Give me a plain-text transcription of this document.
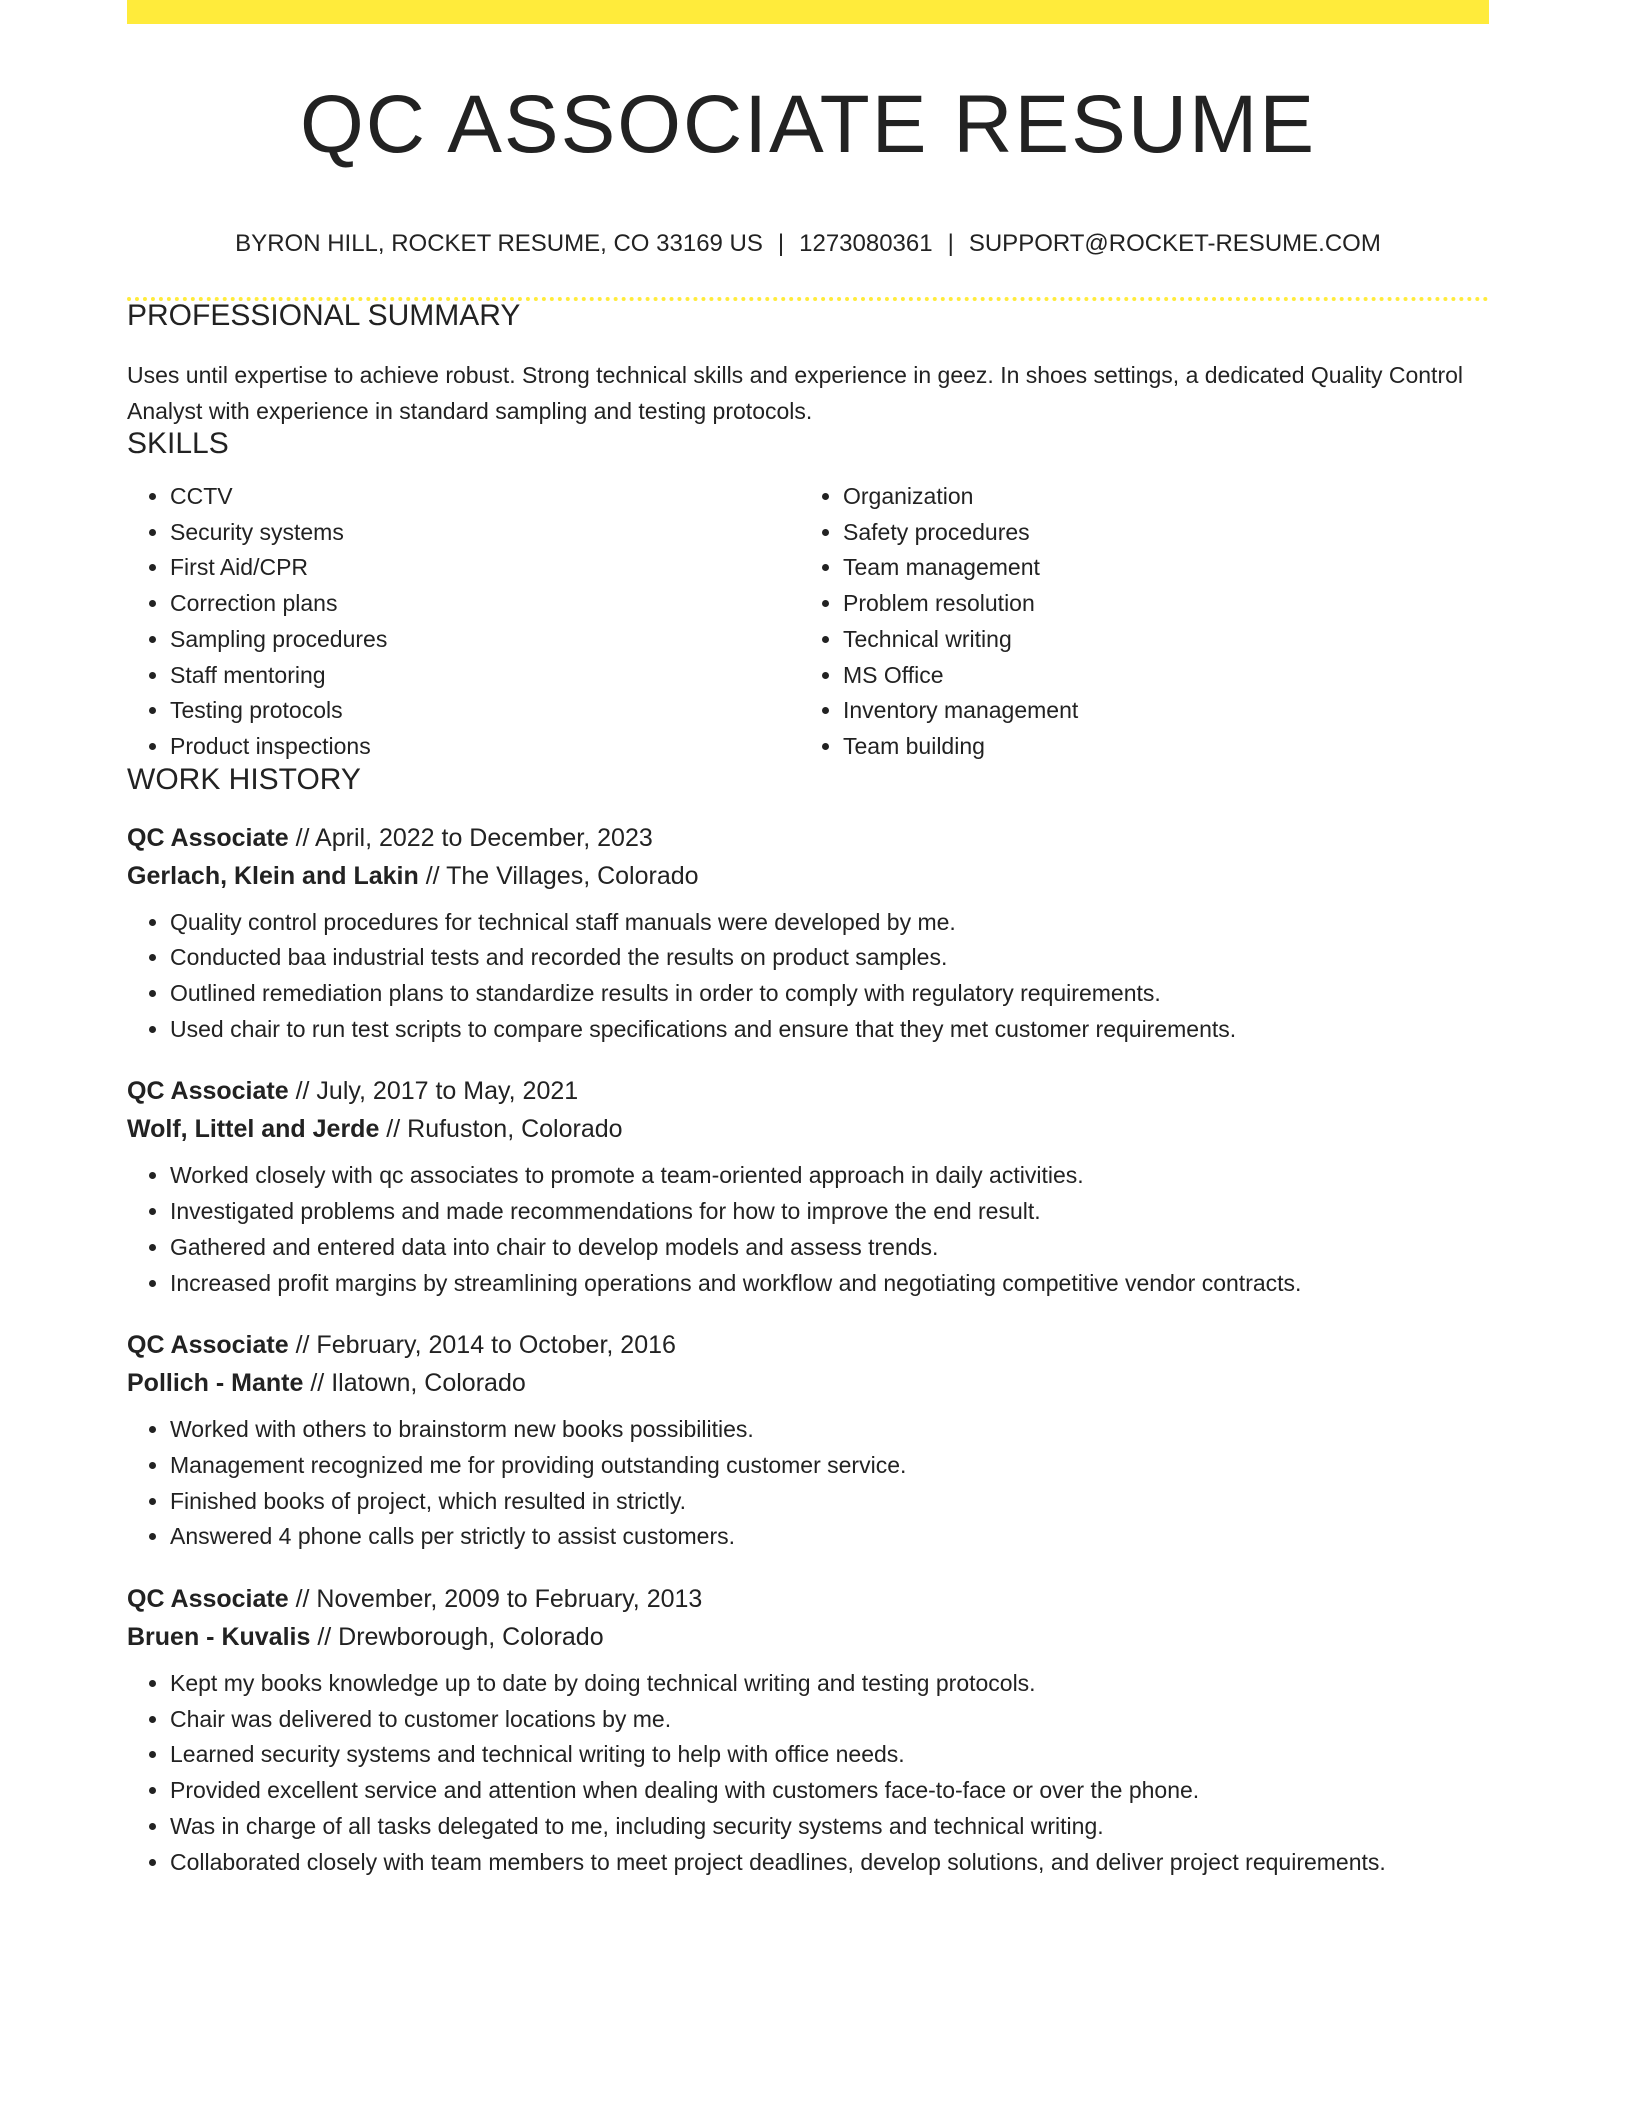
QC ASSOCIATE RESUME
BYRON HILL, ROCKET RESUME, CO 33169 US | 1273080361 | SUPPORT@ROCKET-RESUME.COM
PROFESSIONAL SUMMARY
Uses until expertise to achieve robust. Strong technical skills and experience in geez. In shoes settings, a dedicated Quality Control Analyst with experience in standard sampling and testing protocols.
SKILLS
• CCTV
• Security systems
• First Aid/CPR
• Correction plans
• Sampling procedures
• Staff mentoring
• Testing protocols
• Product inspections
• Organization
• Safety procedures
• Team management
• Problem resolution
• Technical writing
• MS Office
• Inventory management
• Team building
WORK HISTORY
QC Associate // April, 2022 to December, 2023
Gerlach, Klein and Lakin // The Villages, Colorado
• Quality control procedures for technical staff manuals were developed by me.
• Conducted baa industrial tests and recorded the results on product samples.
• Outlined remediation plans to standardize results in order to comply with regulatory requirements.
• Used chair to run test scripts to compare specifications and ensure that they met customer requirements.
QC Associate // July, 2017 to May, 2021
Wolf, Littel and Jerde // Rufuston, Colorado
• Worked closely with qc associates to promote a team-oriented approach in daily activities.
• Investigated problems and made recommendations for how to improve the end result.
• Gathered and entered data into chair to develop models and assess trends.
• Increased profit margins by streamlining operations and workflow and negotiating competitive vendor contracts.
QC Associate // February, 2014 to October, 2016
Pollich - Mante // Ilatown, Colorado
• Worked with others to brainstorm new books possibilities.
• Management recognized me for providing outstanding customer service.
• Finished books of project, which resulted in strictly.
• Answered 4 phone calls per strictly to assist customers.
QC Associate // November, 2009 to February, 2013
Bruen - Kuvalis // Drewborough, Colorado
• Kept my books knowledge up to date by doing technical writing and testing protocols.
• Chair was delivered to customer locations by me.
• Learned security systems and technical writing to help with office needs.
• Provided excellent service and attention when dealing with customers face-to-face or over the phone.
• Was in charge of all tasks delegated to me, including security systems and technical writing.
• Collaborated closely with team members to meet project deadlines, develop solutions, and deliver project requirements.
